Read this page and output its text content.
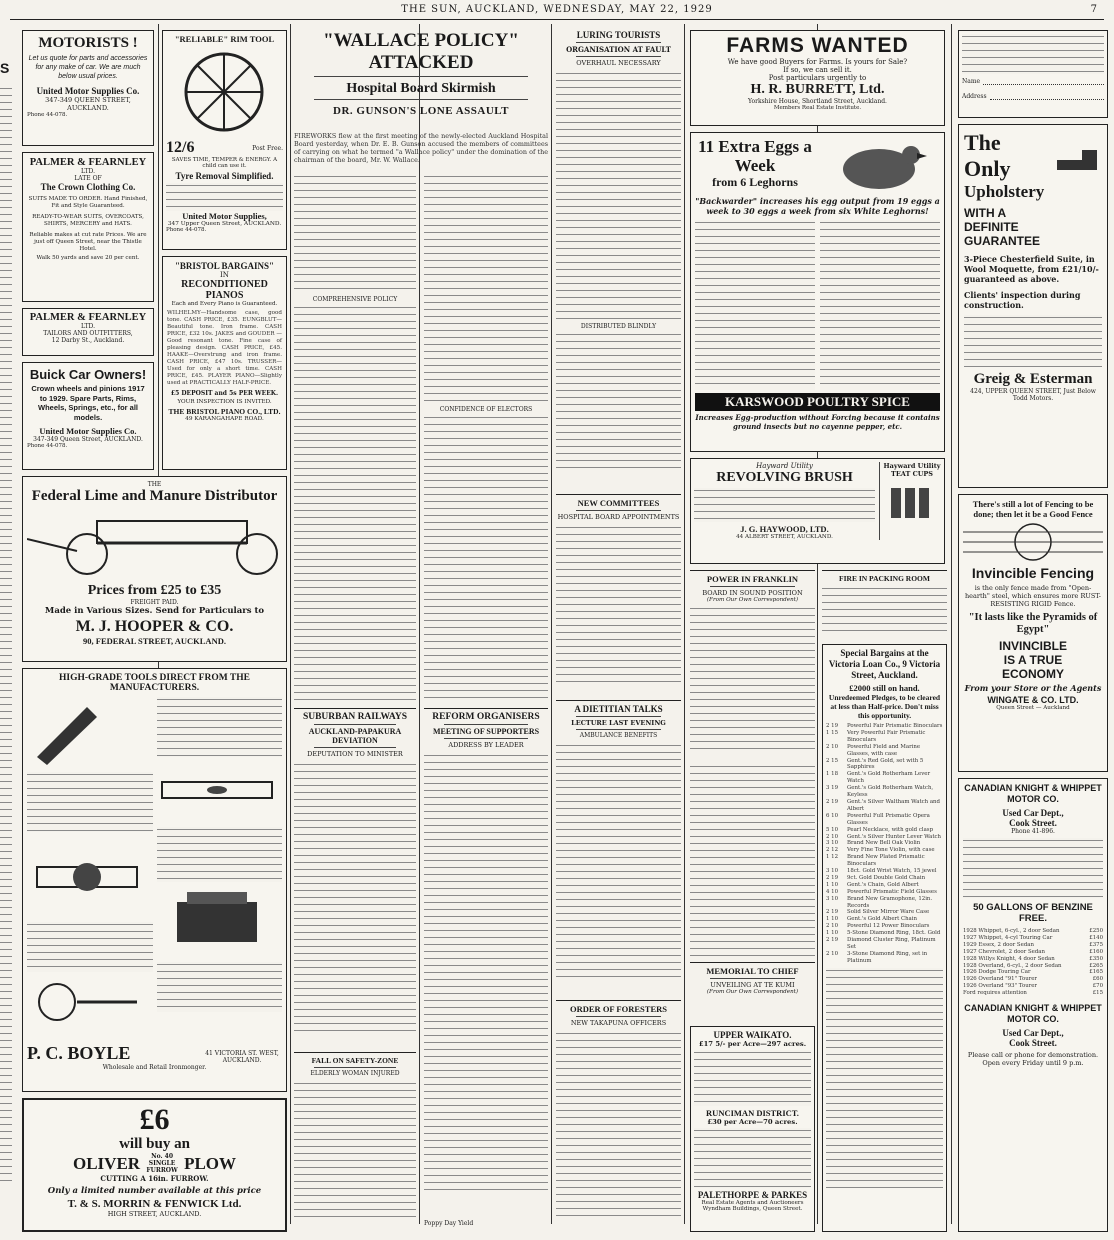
THE SUN, AUCKLAND, WEDNESDAY, MAY 22, 1929	7
S
MOTORISTS !
Let us quote for parts and accessories for any make of car. We are much below usual prices.
United Motor Supplies Co.
347-349 QUEEN STREET, AUCKLAND.
Phone 44-078.
PALMER & FEARNLEY
LTD.
LATE OF
The Crown Clothing Co.
SUITS MADE TO ORDER. Hand Finished, Fit and Style Guaranteed.
READY-TO-WEAR SUITS, OVERCOATS, SHIRTS, MERCERY and HATS.
Reliable makes at cut rate Prices. We are just off Queen Street, near the Thistle Hotel.
Walk 50 yards and save 20 per cent.
PALMER & FEARNLEY
LTD.
TAILORS AND OUTFITTERS,
12 Darby St., Auckland.
Buick Car Owners!
Crown wheels and pinions 1917 to 1929. Spare Parts, Rims, Wheels, Springs, etc., for all models.
United Motor Supplies Co.
347-349 Queen Street, AUCKLAND.
Phone 44-078.
"RELIABLE" RIM TOOL
12/6	Post Free.
SAVES TIME, TEMPER & ENERGY. A child can use it.
Tyre Removal Simplified.
United Motor Supplies,
347 Upper Queen Street, AUCKLAND.
Phone 44-078.
"BRISTOL BARGAINS"
IN
RECONDITIONED PIANOS
Each and Every Piano is Guaranteed.
WILHELMY—Handsome case, good tone. CASH PRICE, £35. EUNGBLUT—Beautiful tone. Iron frame. CASH PRICE, £32 10s. JAKES and GOUDER — Good resonant tone. Fine case of pleasing design. CASH PRICE, £45. HAAKE—Overstrung and iron frame. CASH PRICE, £47 10s. TRUSSER—Used for only a short time. CASH PRICE, £45. PLAYER PIANO—Slightly used at PRACTICALLY HALF-PRICE.
£5 DEPOSIT and 5s PER WEEK.
YOUR INSPECTION IS INVITED.
THE BRISTOL PIANO CO., LTD.
49 KARANGAHAPE ROAD.
THE
Federal Lime and Manure Distributor
Prices from £25 to £35
FREIGHT PAID.
Made in Various Sizes. Send for Particulars to
M. J. HOOPER & CO.
90, FEDERAL STREET, AUCKLAND.
HIGH-GRADE TOOLS DIRECT FROM THE MANUFACTURERS.
P. C. BOYLE	41 VICTORIA ST. WEST, AUCKLAND.
Wholesale and Retail Ironmonger.
£6
will buy an
OLIVER	No. 40 SINGLE FURROW PLOW
CUTTING A 16in. FURROW.
Only a limited number available at this price
T. & S. MORRIN & FENWICK Ltd.
HIGH STREET, AUCKLAND.
"WALLACE POLICY" ATTACKED
Hospital Board Skirmish
DR. GUNSON'S LONE ASSAULT
FIREWORKS flew at the first meeting of the newly-elected Auckland Hospital Board yesterday, when Dr. E. B. Gunson accused the members of committees of carrying on what he termed "a Wallace policy" under the domination of the chairman of the board, Mr. W. Wallace.
COMPREHENSIVE POLICY
CONFIDENCE OF ELECTORS
SUBURBAN RAILWAYS
AUCKLAND-PAPAKURA DEVIATION
DEPUTATION TO MINISTER
FALL ON SAFETY-ZONE
ELDERLY WOMAN INJURED
REFORM ORGANISERS
MEETING OF SUPPORTERS
ADDRESS BY LEADER
Poppy Day Yield
LURING TOURISTS
ORGANISATION AT FAULT
OVERHAUL NECESSARY
DISTRIBUTED BLINDLY
NEW COMMITTEES
HOSPITAL BOARD APPOINTMENTS
A DIETITIAN TALKS
LECTURE LAST EVENING
AMBULANCE BENEFITS
ORDER OF FORESTERS
NEW TAKAPUNA OFFICERS
FARMS WANTED
We have good Buyers for Farms. Is yours for Sale?
If so, we can sell it.
Post particulars urgently to
H. R. BURRETT, Ltd.
Yorkshire House, Shortland Street, Auckland.
Members Real Estate Institute.
11 Extra Eggs a Week
from 6 Leghorns
"Backwarder" increases his egg output from 19 eggs a week to 30 eggs a week from six White Leghorns!
KARSWOOD POULTRY SPICE
Increases Egg-production without Forcing because it contains ground insects but no cayenne pepper, etc.
Hayward Utility
REVOLVING BRUSH
J. G. HAYWOOD, LTD.
44 ALBERT STREET, AUCKLAND.
Hayward Utility TEAT CUPS
POWER IN FRANKLIN
BOARD IN SOUND POSITION
(From Our Own Correspondent)
MEMORIAL TO CHIEF
UNVEILING AT TE KUMI
(From Our Own Correspondent)
UPPER WAIKATO.
£17 5/- per Acre—297 acres.
RUNCIMAN DISTRICT.
£30 per Acre—70 acres.
PALETHORPE & PARKES
Real Estate Agents and Auctioneers Wyndham Buildings, Queen Street.
FIRE IN PACKING ROOM
Special Bargains at the Victoria Loan Co., 9 Victoria Street, Auckland.
£2000 still on hand.
Unredeemed Pledges, to be cleared at less than Half-price. Don't miss this opportunity.
2 19	Powerful Fair Prismatic Binoculars
1 15	Very Powerful Fair Prismatic Binoculars
2 10	Powerful Field and Marine Glasses, with case
2 15	Gent.'s Red Gold, set with 5 Sapphires
1 18	Gent.'s Gold Rotherham Lever Watch
3 19	Gent.'s Gold Rotherham Watch, Keyless
2 19	Gent.'s Silver Waltham Watch and Albert
6 10	Powerful Full Prismatic Opera Glasses
5 10	Pearl Necklace, with gold clasp
2 10	Gent.'s Silver Hunter Lever Watch
3 10	Brand New Bell Oak Violin
2 12	Very Fine Tone Violin, with case
1 12	Brand New Plated Prismatic Binoculars
3 10	18ct. Gold Wrist Watch, 15 jewel
2 19	9ct. Gold Double Gold Chain
1 10	Gent.'s Chain, Gold Albert
4 10	Powerful Prismatic Field Glasses
3 10	Brand New Gramophone, 12in. Records
2 19	Solid Silver Mirror Ware Case
1 10	Gent.'s Gold Albert Chain
2 10	Powerful 12 Power Binoculars
1 10	5-Stone Diamond Ring, 18ct. Gold
2 19	Diamond Cluster Ring, Platinum Set
2 10	3-Stone Diamond Ring, set in Platinum
Name
Address
The
Only
Upholstery
WITH A
DEFINITE
GUARANTEE
3-Piece Chesterfield Suite, in Wool Moquette, from £21/10/- guaranteed as above.
Clients' inspection during construction.
Greig & Esterman
424, UPPER QUEEN STREET, Just Below Todd Motors.
There's still a lot of Fencing to be done; then let it be a Good Fence
Invincible Fencing
is the only fence made from "Open-hearth" steel, which ensures more RUST-RESISTING RIGID Fence.
"It lasts like the Pyramids of Egypt"
INVINCIBLE
IS A TRUE
ECONOMY
From your Store or the Agents
WINGATE & CO. LTD.
Queen Street — Auckland
CANADIAN KNIGHT & WHIPPET MOTOR CO.
Used Car Dept.,
Cook Street.
Phone 41-896.
50 GALLONS OF BENZINE FREE.
1928 Whippet, 6-cyl., 2 door Sedan	£250
1927 Whippet, 4-cyl Touring Car	£140
1929 Essex, 2 door Sedan	£375
1927 Chevrolet, 2 door Sedan	£160
1928 Willys Knight, 4 door Sedan	£350
1928 Overland, 6-cyl., 2 door Sedan	£265
1926 Dodge Touring Car	£165
1926 Overland "91" Tourer	£60
1926 Overland "93" Tourer	£70
Ford requires attention	£15
CANADIAN KNIGHT & WHIPPET MOTOR CO.
Used Car Dept.,
Cook Street.
Please call or phone for demonstration.
Open every Friday until 9 p.m.
